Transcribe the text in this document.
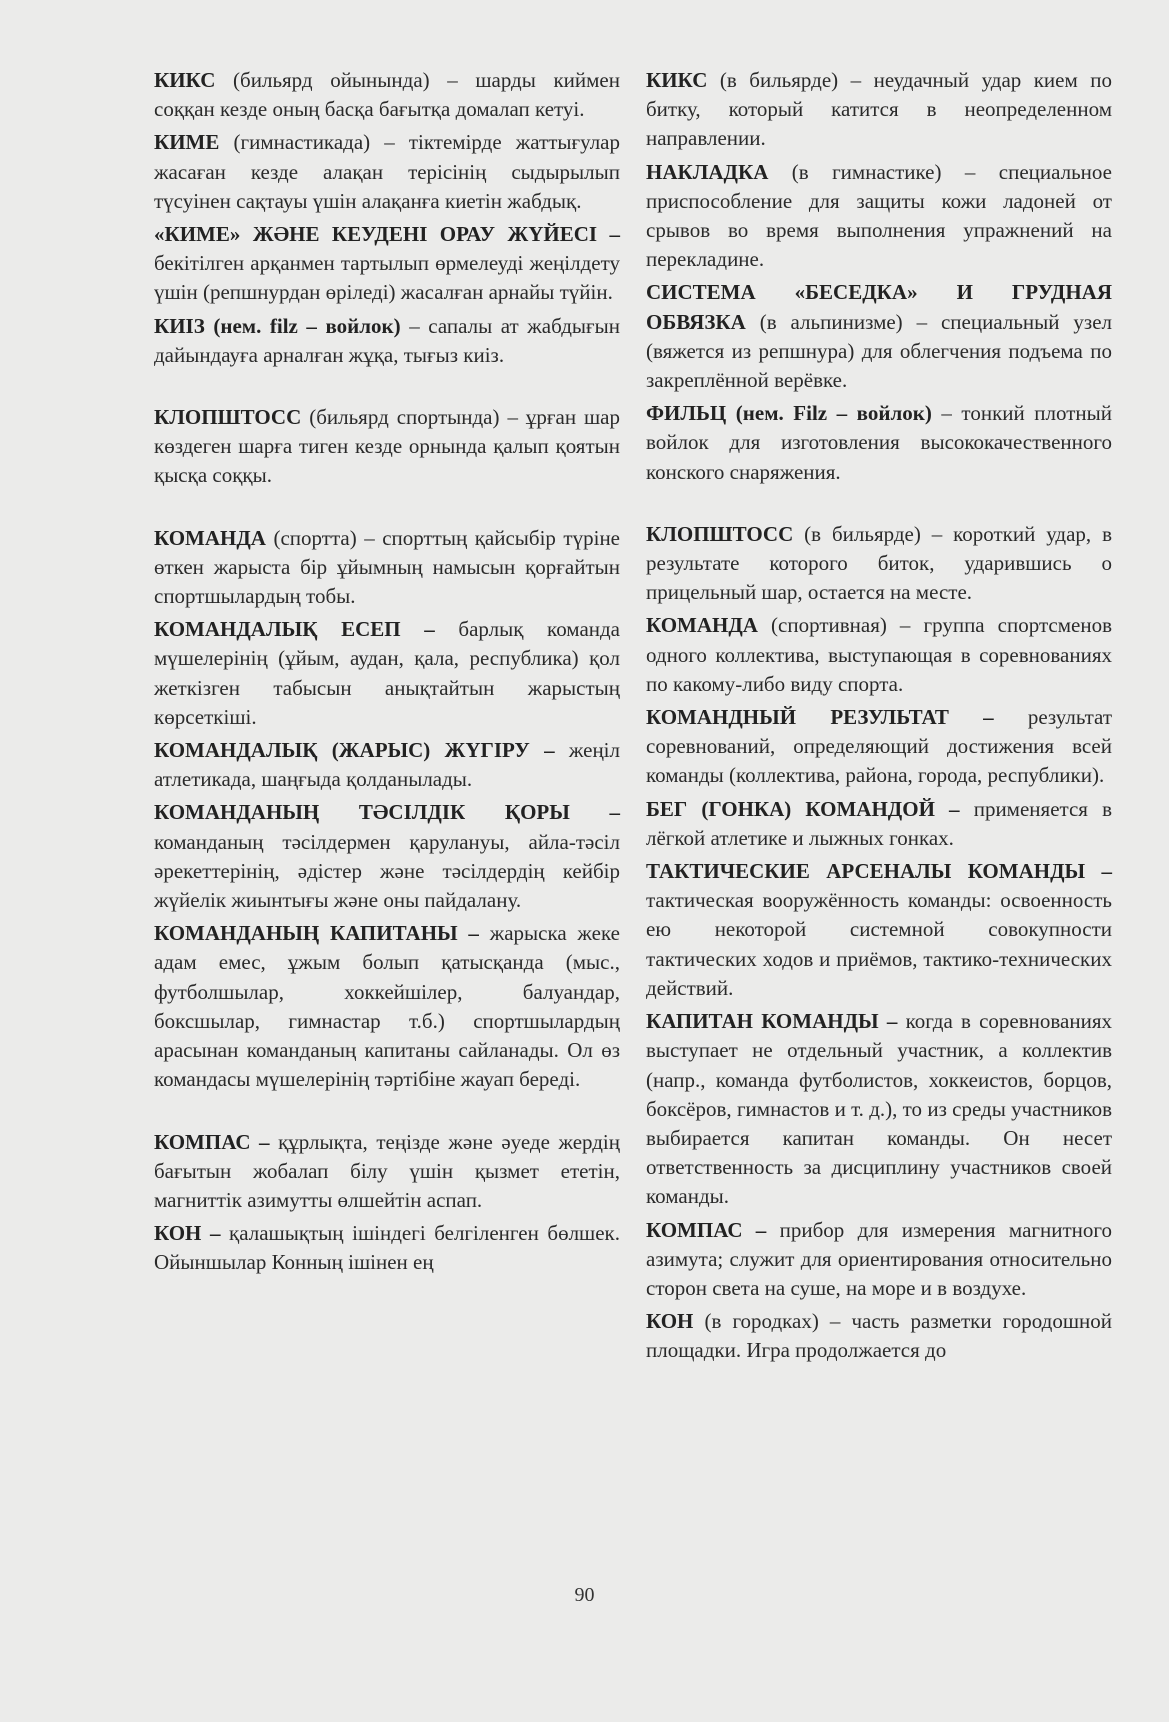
КИКС (бильярд ойынында) – шарды киймен соққан кезде оның басқа бағытқа домалап кетуі.

КИМЕ (гимнастикада) – тіктемірде жаттығулар жасаған кезде алақан терісінің сыдырылып түсуінен сақтауы үшін алақанға киетін жабдық.

«КИМЕ» ЖӘНЕ КЕУДЕНІ ОРАУ ЖҮЙЕСІ – бекітілген арқанмен тартылып өрмелеуді жеңілдету үшін (репшнурдан өріледі) жасалған арнайы түйін.

КИІЗ (нем. filz – войлок) – сапалы ат жабдығын дайындауға арналған жұқа, тығыз киіз.

КЛОПШТОСС (бильярд спортында) – ұрған шар көздеген шарға тиген кезде орнында қалып қоятын қысқа соққы.

КОМАНДА (спортта) – спорттың қайсыбір түріне өткен жарыста бір ұйымның намысын қорғайтын спортшылардың тобы.

КОМАНДАЛЫҚ ЕСЕП – барлық команда мүшелерінің (ұйым, аудан, қала, республика) қол жеткізген табысын анықтайтын жарыстың көрсеткіші.

КОМАНДАЛЫҚ (ЖАРЫС) ЖҮГІРУ – жеңіл атлетикада, шаңғыда қолданылады.

КОМАНДАНЫҢ ТӘСІЛДІК ҚОРЫ – команданың тәсілдермен қарулануы, айла-тәсіл әрекеттерінің, әдістер және тәсілдердің кейбір жүйелік жиынтығы және оны пайдалану.

КОМАНДАНЫҢ КАПИТАНЫ – жарыска жеке адам емес, ұжым болып қатысқанда (мыс., футболшылар, хоккейшілер, балуандар, боксшылар, гимнастар т.б.) спортшылардың арасынан команданың капитаны сайланады. Ол өз командасы мүшелерінің тәртібіне жауап береді.

КОМПАС – құрлықта, теңізде және әуеде жердің бағытын жобалап білу үшін қызмет ететін, магниттік азимутты өлшейтін аспап.

КОН – қалашықтың ішіндегі белгіленген бөлшек. Ойыншылар Конның ішінен ең

КИКС (в бильярде) – неудачный удар кием по битку, который катится в неопределенном направлении.

НАКЛАДКА (в гимнастике) – специальное приспособление для защиты кожи ладоней от срывов во время выполнения упражнений на перекладине.

СИСТЕМА «БЕСЕДКА» И ГРУДНАЯ ОБВЯЗКА (в альпинизме) – специальный узел (вяжется из репшнура) для облегчения подъема по закреплённой верёвке.

ФИЛЬЦ (нем. Filz – войлок) – тонкий плотный войлок для изготовления высококачественного конского снаряжения.

КЛОПШТОСС (в бильярде) – короткий удар, в результате которого биток, ударившись о прицельный шар, остается на месте.

КОМАНДА (спортивная) – группа спортсменов одного коллектива, выступающая в соревнованиях по какому-либо виду спорта.

КОМАНДНЫЙ РЕЗУЛЬТАТ – результат соревнований, определяющий достижения всей команды (коллектива, района, города, республики).

БЕГ (ГОНКА) КОМАНДОЙ – применяется в лёгкой атлетике и лыжных гонках.

ТАКТИЧЕСКИЕ АРСЕНАЛЫ КОМАНДЫ – тактическая вооружённость команды: освоенность ею некоторой системной совокупности тактических ходов и приёмов, тактико-технических действий.

КАПИТАН КОМАНДЫ – когда в соревнованиях выступает не отдельный участник, а коллектив (напр., команда футболистов, хоккеистов, борцов, боксёров, гимнастов и т. д.), то из среды участников выбирается капитан команды. Он несет ответственность за дисциплину участников своей команды.

КОМПАС – прибор для измерения магнитного азимута; служит для ориентирования относительно сторон света на суше, на море и в воздухе.

КОН (в городках) – часть разметки городошной площадки. Игра продолжается до

90
